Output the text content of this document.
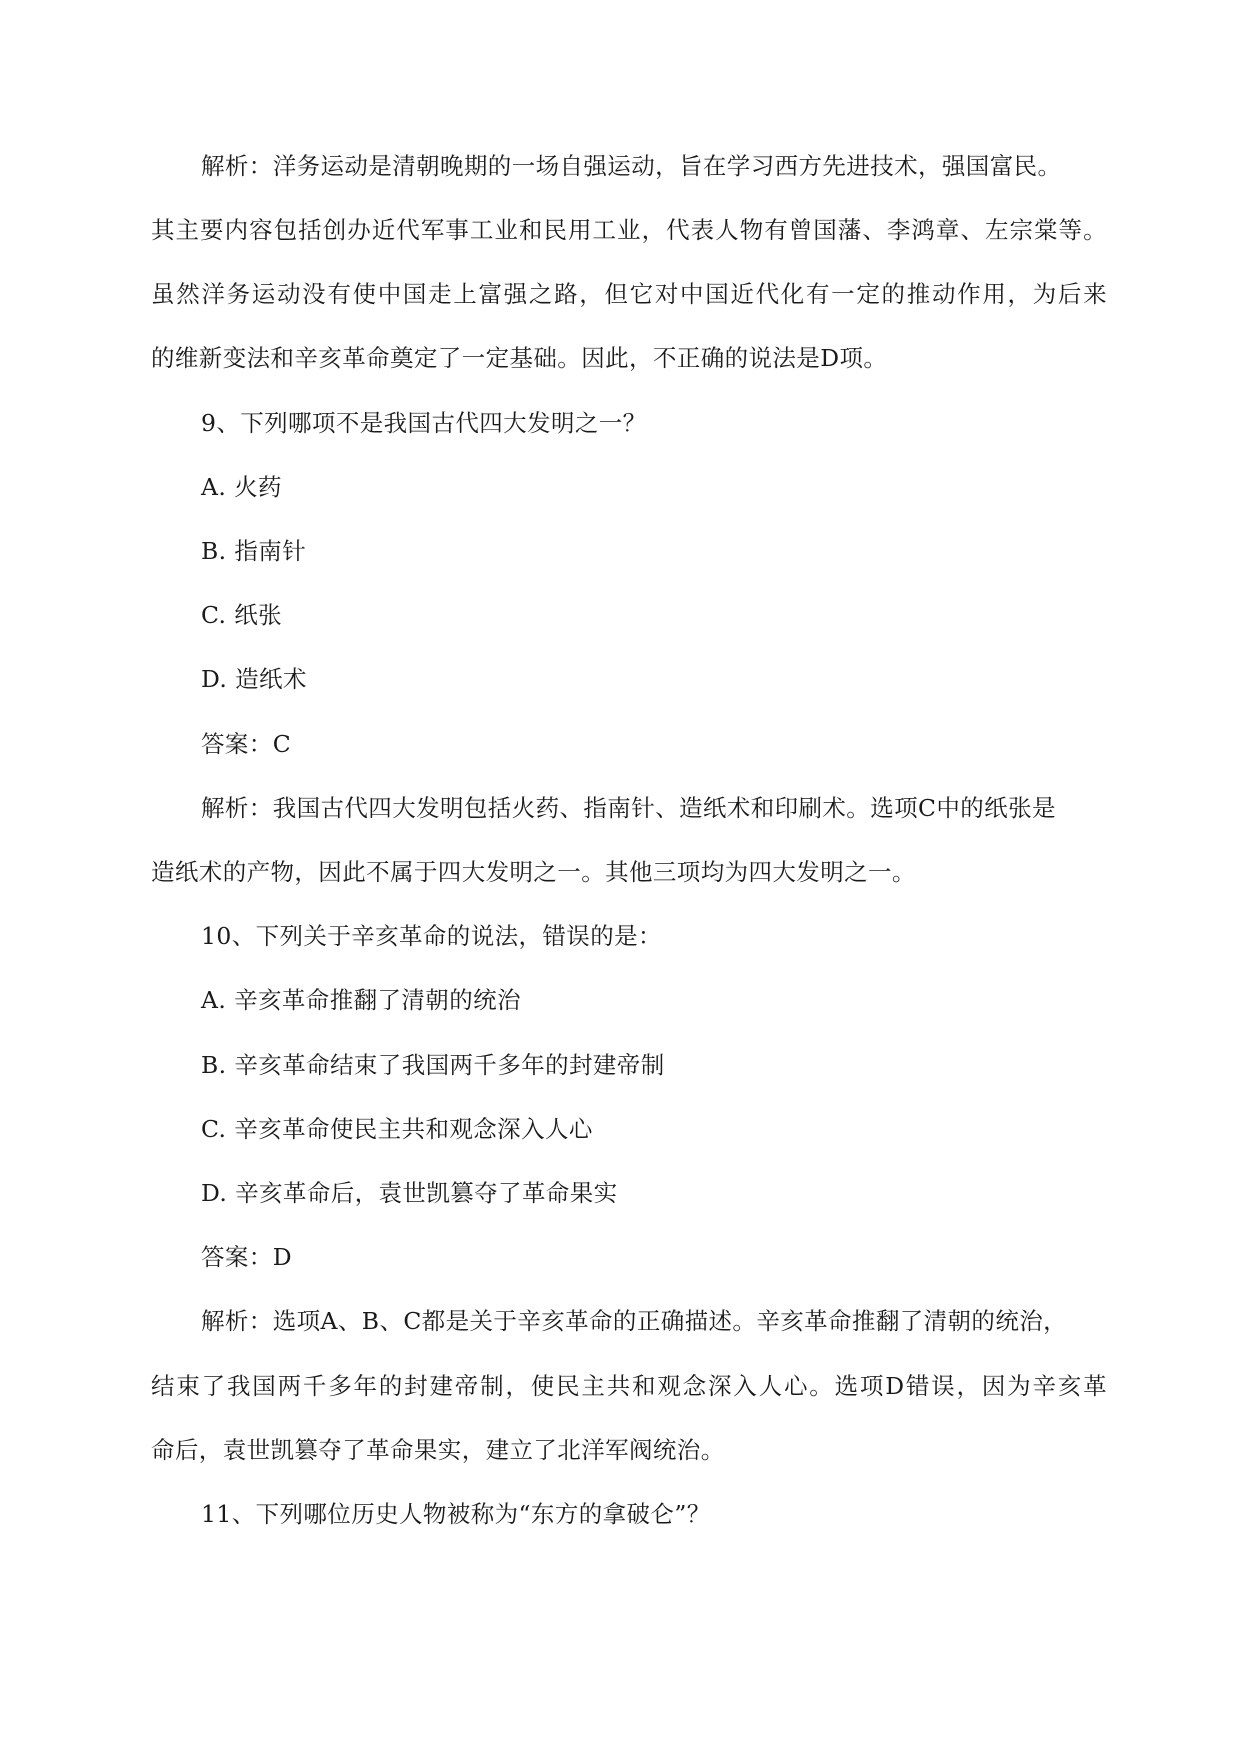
解析：洋务运动是清朝晚期的一场自强运动，旨在学习西方先进技术，强国富民。
其主要内容包括创办近代军事工业和民用工业，代表人物有曾国藩、李鸿章、左宗棠等。
虽然洋务运动没有使中国走上富强之路，但它对中国近代化有一定的推动作用，为后来
的维新变法和辛亥革命奠定了一定基础。因此，不正确的说法是D项。
9、下列哪项不是我国古代四大发明之一？
A. 火药
B. 指南针
C. 纸张
D. 造纸术
答案：C
解析：我国古代四大发明包括火药、指南针、造纸术和印刷术。选项C中的纸张是
造纸术的产物，因此不属于四大发明之一。其他三项均为四大发明之一。
10、下列关于辛亥革命的说法，错误的是：
A. 辛亥革命推翻了清朝的统治
B. 辛亥革命结束了我国两千多年的封建帝制
C. 辛亥革命使民主共和观念深入人心
D. 辛亥革命后，袁世凯篡夺了革命果实
答案：D
解析：选项A、B、C都是关于辛亥革命的正确描述。辛亥革命推翻了清朝的统治，
结束了我国两千多年的封建帝制，使民主共和观念深入人心。选项D错误，因为辛亥革
命后，袁世凯篡夺了革命果实，建立了北洋军阀统治。
11、下列哪位历史人物被称为“东方的拿破仑”？
